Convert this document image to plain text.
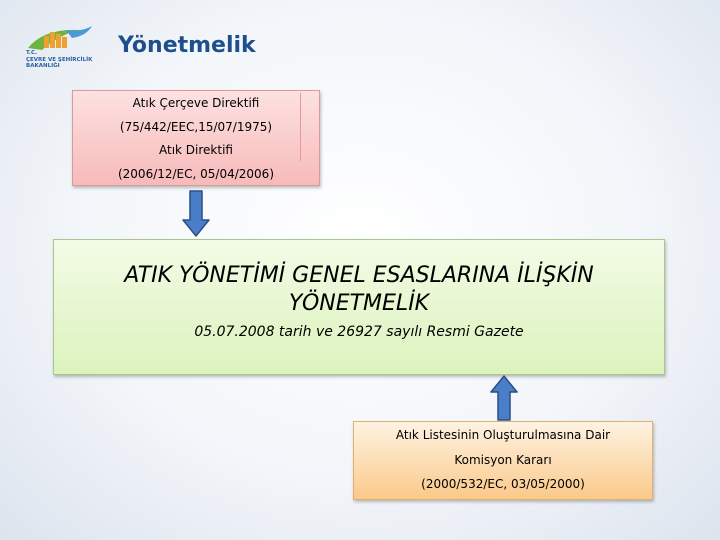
T.C.
ÇEVRE VE ŞEHİRCİLİK
BAKANLIĞI
Yönetmelik
Atık Çerçeve Direktifi
(75/442/EEC,15/07/1975)
Atık Direktifi
(2006/12/EC, 05/04/2006)
ATIK YÖNETİMİ GENEL ESASLARINA İLİŞKİN
YÖNETMELİK
05.07.2008 tarih ve 26927 sayılı Resmi Gazete
Atık Listesinin Oluşturulmasına Dair
Komisyon Kararı
(2000/532/EC, 03/05/2000)
